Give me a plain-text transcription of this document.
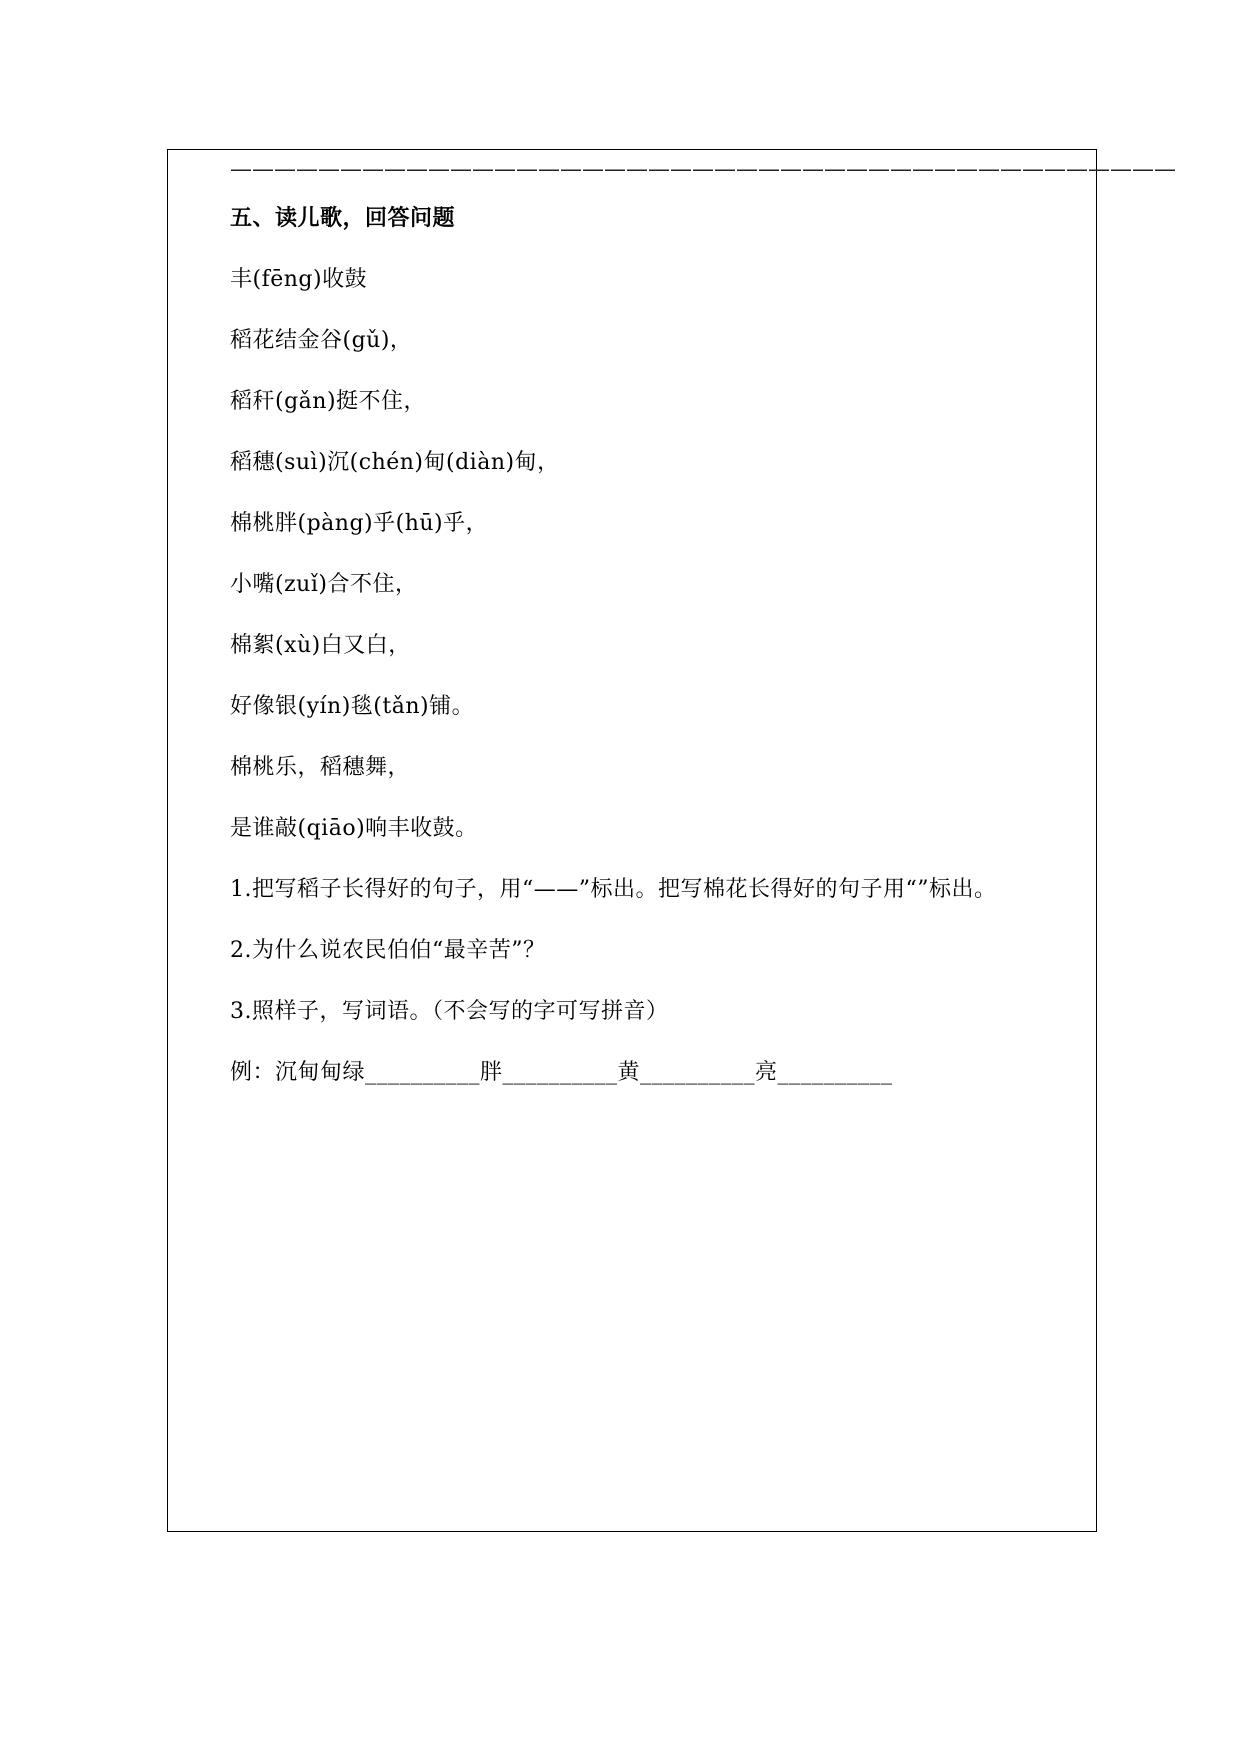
———————————————————————————————————————————
五、读儿歌，回答问题
丰(fēng)收鼓
稻花结金谷(gǔ)，
稻秆(gǎn)挺不住，
稻穗(suì)沉(chén)甸(diàn)甸，
棉桃胖(pàng)乎(hū)乎，
小嘴(zuǐ)合不住，
棉絮(xù)白又白，
好像银(yín)毯(tǎn)铺。
棉桃乐，稻穗舞，
是谁敲(qiāo)响丰收鼓。
1.把写稻子长得好的句子，用“——”标出。把写棉花长得好的句子用“”标出。
2.为什么说农民伯伯“最辛苦”？
3.照样子，写词语。（不会写的字可写拼音）
例：沉甸甸绿__________胖__________黄__________亮__________
